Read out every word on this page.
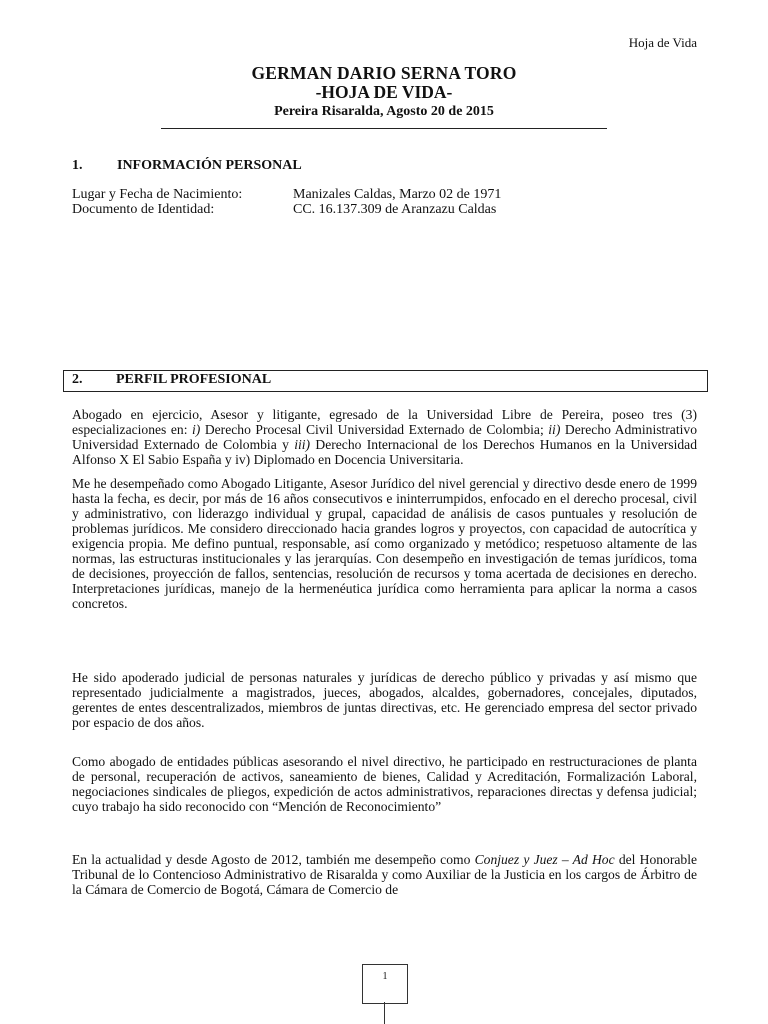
Hoja de Vida
GERMAN DARIO SERNA TORO
-HOJA DE VIDA-
Pereira Risaralda, Agosto 20 de 2015
1. INFORMACIÓN PERSONAL
Lugar y Fecha de Nacimiento:	Manizales Caldas, Marzo 02 de 1971
Documento de Identidad:	CC. 16.137.309 de Aranzazu Caldas
2. PERFIL PROFESIONAL
Abogado en ejercicio, Asesor y litigante, egresado de la Universidad Libre de Pereira, poseo tres (3) especializaciones en: i) Derecho Procesal Civil Universidad Externado de Colombia; ii) Derecho Administrativo Universidad Externado de Colombia y iii) Derecho Internacional de los Derechos Humanos en la Universidad Alfonso X El Sabio España y iv) Diplomado en Docencia Universitaria.
Me he desempeñado como Abogado Litigante, Asesor Jurídico del nivel gerencial y directivo desde enero de 1999 hasta la fecha, es decir, por más de 16 años consecutivos e ininterrumpidos, enfocado en el derecho procesal, civil y administrativo, con liderazgo individual y grupal, capacidad de análisis de casos puntuales y resolución de problemas jurídicos. Me considero direccionado hacia grandes logros y proyectos, con capacidad de autocrítica y exigencia propia. Me defino puntual, responsable, así como organizado y metódico; respetuoso altamente de las normas, las estructuras institucionales y las jerarquías. Con desempeño en investigación de temas jurídicos, toma de decisiones, proyección de fallos, sentencias, resolución de recursos y toma acertada de decisiones en derecho. Interpretaciones jurídicas, manejo de la hermenéutica jurídica como herramienta para aplicar la norma a casos concretos.
He sido apoderado judicial de personas naturales y jurídicas de derecho público y privadas y así mismo que representado judicialmente a magistrados, jueces, abogados, alcaldes, gobernadores, concejales, diputados, gerentes de entes descentralizados, miembros de juntas directivas, etc. He gerenciado empresa del sector privado por espacio de dos años.
Como abogado de entidades públicas asesorando el nivel directivo, he participado en restructuraciones de planta de personal, recuperación de activos, saneamiento de bienes, Calidad y Acreditación, Formalización Laboral, negociaciones sindicales de pliegos, expedición de actos administrativos, reparaciones directas y defensa judicial; cuyo trabajo ha sido reconocido con “Mención de Reconocimiento”
En la actualidad y desde Agosto de 2012, también me desempeño como Conjuez y Juez – Ad Hoc del Honorable Tribunal de lo Contencioso Administrativo de Risaralda y como Auxiliar de la Justicia en los cargos de Árbitro de la Cámara de Comercio de Bogotá, Cámara de Comercio de
1
